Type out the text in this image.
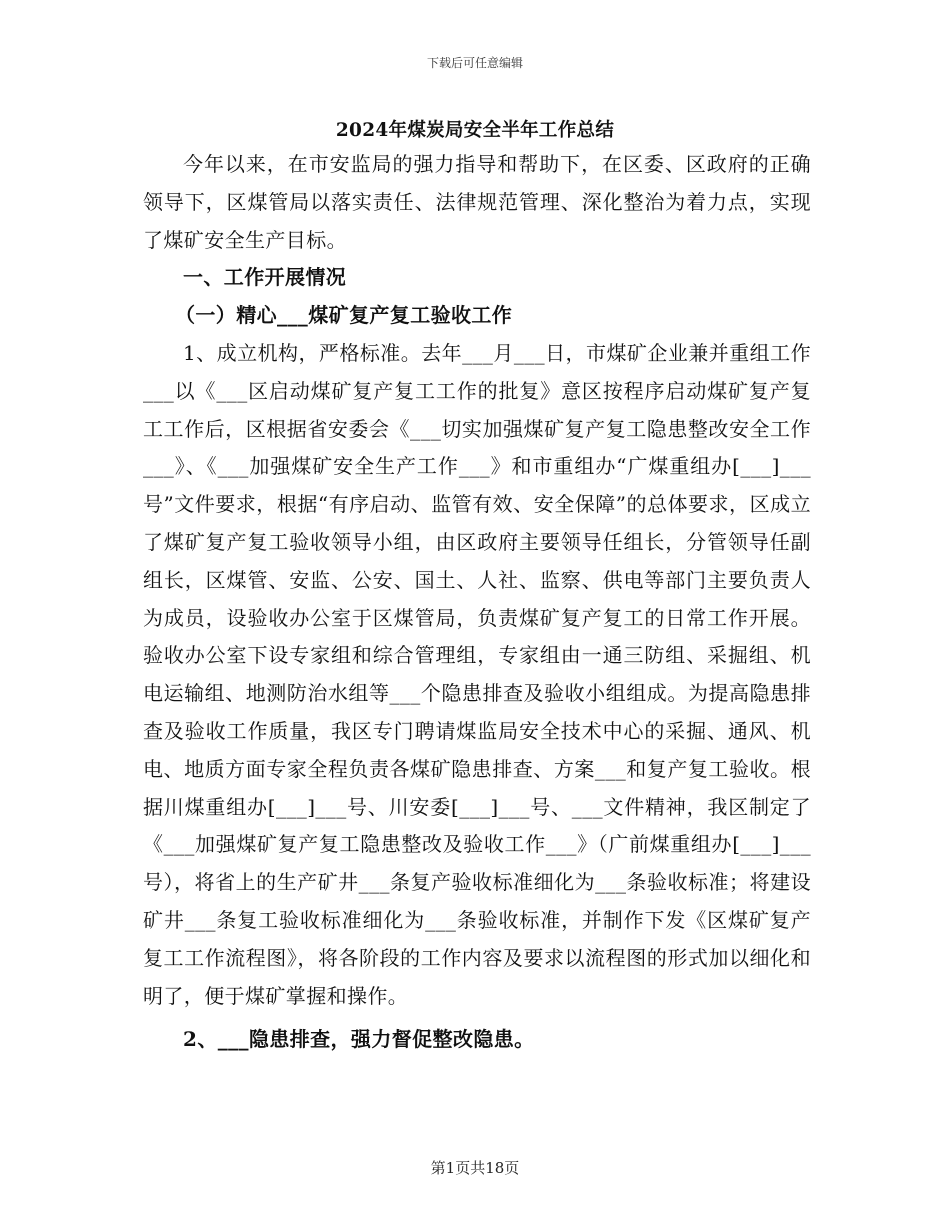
下载后可任意编辑
2024年煤炭局安全半年工作总结

今年以来，在市安监局的强力指导和帮助下，在区委、区政府的正确领导下，区煤管局以落实责任、法律规范管理、深化整治为着力点，实现了煤矿安全生产目标。

一、工作开展情况

（一）精心___煤矿复产复工验收工作

1、成立机构，严格标准。去年___月___日，市煤矿企业兼并重组工作___以《___区启动煤矿复产复工工作的批复》意区按程序启动煤矿复产复工工作后，区根据省安委会《___切实加强煤矿复产复工隐患整改安全工作___》、《___加强煤矿安全生产工作___》和市重组办“广煤重组办[___]___号”文件要求，根据“有序启动、监管有效、安全保障”的总体要求，区成立了煤矿复产复工验收领导小组，由区政府主要领导任组长，分管领导任副组长，区煤管、安监、公安、国土、人社、监察、供电等部门主要负责人为成员，设验收办公室于区煤管局，负责煤矿复产复工的日常工作开展。验收办公室下设专家组和综合管理组，专家组由一通三防组、采掘组、机电运输组、地测防治水组等___个隐患排查及验收小组组成。为提高隐患排查及验收工作质量，我区专门聘请煤监局安全技术中心的采掘、通风、机电、地质方面专家全程负责各煤矿隐患排查、方案___和复产复工验收。根据川煤重组办[___]___号、川安委[___]___号、___文件精神，我区制定了《___加强煤矿复产复工隐患整改及验收工作___》（广前煤重组办[___]___号），将省上的生产矿井___条复产验收标准细化为___条验收标准；将建设矿井___条复工验收标准细化为___条验收标准，并制作下发《区煤矿复产复工工作流程图》，将各阶段的工作内容及要求以流程图的形式加以细化和明了，便于煤矿掌握和操作。

2、___隐患排查，强力督促整改隐患。

第1页共18页
